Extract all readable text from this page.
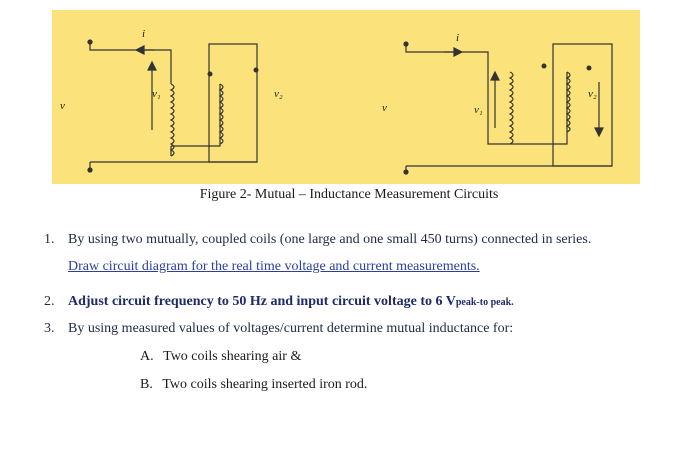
i
v
v₁	v₂
i
v	v₁
v₂
Figure 2- Mutual – Inductance Measurement Circuits
1. By using two mutually, coupled coils (one large and one small 450 turns) connected in series.
Draw circuit diagram for the real time voltage and current measurements.
2. Adjust circuit frequency to 50 Hz and input circuit voltage to 6 Vpeak-to peak.
3. By using measured values of voltages/current determine mutual inductance for:
A. Two coils shearing air &
B. Two coils shearing inserted iron rod.
